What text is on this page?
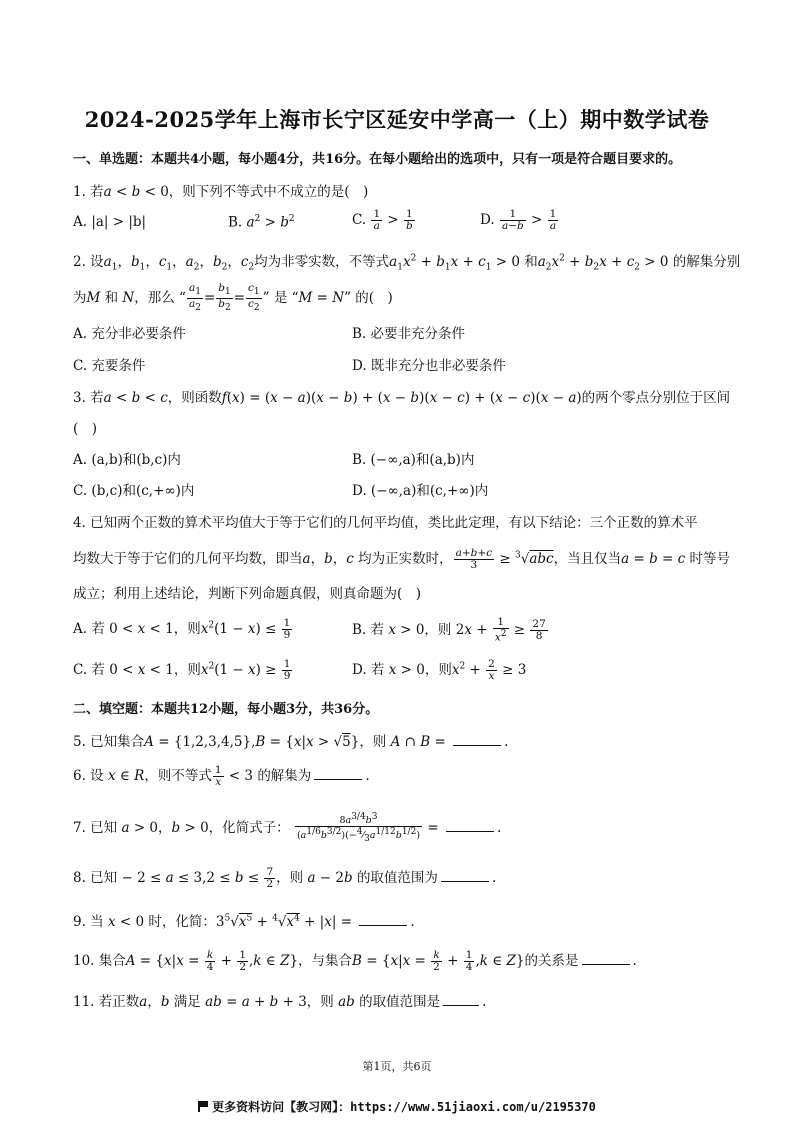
2024-2025学年上海市长宁区延安中学高一（上）期中数学试卷
一、单选题：本题共4小题，每小题4分，共16分。在每小题给出的选项中，只有一项是符合题目要求的。
1. 若a < b < 0，则下列不等式中不成立的是(　)
A. |a| > |b|	B. $a^2 > b^2$	C. $\frac{1}{a} > \frac{1}{b}$	D. $\frac{1}{a-b} > \frac{1}{a}$
2. 设$a_1$，$b_1$，$c_1$，$a_2$，$b_2$，$c_2$均为非零实数，不等式$a_1x^2 + b_1x + c_1 > 0$ 和$a_2x^2 + b_2x + c_2 > 0$ 的解集分别
为M 和 N，那么 “ $\frac{a_1}{a_2} = \frac{b_1}{b_2} = \frac{c_1}{c_2}$ ” 是 “M = N” 的(　)
A. 充分非必要条件	B. 必要非充分条件
C. 充要条件	D. 既非充分也非必要条件
3. 若a < b < c，则函数f(x) = (x − a)(x − b) + (x − b)(x − c) + (x − c)(x − a)的两个零点分别位于区间
(　)
A. (a,b)和(b,c)内	B. (−∞,a)和(a,b)内
C. (b,c)和(c,+∞)内	D. (−∞,a)和(c,+∞)内
4. 已知两个正数的算术平均值大于等于它们的几何平均值，类比此定理，有以下结论：三个正数的算术平
均数大于等于它们的几何平均数，即当a，b，c 均为正实数时， $\frac{a+b+c}{3} \ge ^3√abc$，当且仅当a = b = c 时等号
成立；利用上述结论，判断下列命题真假，则真命题为(　)
A. 若 0 < x < 1，则$x^2(1 - x) \le \frac{1}{9}$	B. 若 x > 0，则 $2x + \frac{1}{x^2} \ge \frac{27}{8}$
C. 若 0 < x < 1，则$x^2(1 - x) \ge \frac{1}{9}$	D. 若 x > 0，则$x^2 + \frac{2}{x} \ge 3$
二、填空题：本题共12小题，每小题3分，共36分。
5. 已知集合A = {1,2,3,4,5},B = {x|x > √5}，则 A ∩ B =	.
6. 设 x ∈ R，则不等式 $\frac{1}{x} < 3$ 的解集为	.
7. 已知 a > 0，b > 0，化简式子： $\frac{8a^{3/4}b^3}{(a^{1/6}b^{3/2})(-^4⁄_3a^{1/12}b^{1/2})}$ =	.
8. 已知 − $2 \le a \le 3,2 \le b \le \frac{7}{2}$ ，则 a − 2b 的取值范围为	.
9. 当 x < 0 时，化简：$3^5√x^5 + ^4√x^4 + |x|$ =	.
10. 集合$A = \{x|x = \frac{k}{4} + \frac{1}{2} ,k$ ∈ Z}，与集合$B = \{x|x = \frac{k}{2} + \frac{1}{4} ,k$ ∈ Z}的关系是	.
11. 若正数a，b 满足 ab = a + b + 3，则 ab 的取值范围是	.
第1页，共6页
更多资料访问【教习网】：https://www.51jiaoxi.com/u/2195370
